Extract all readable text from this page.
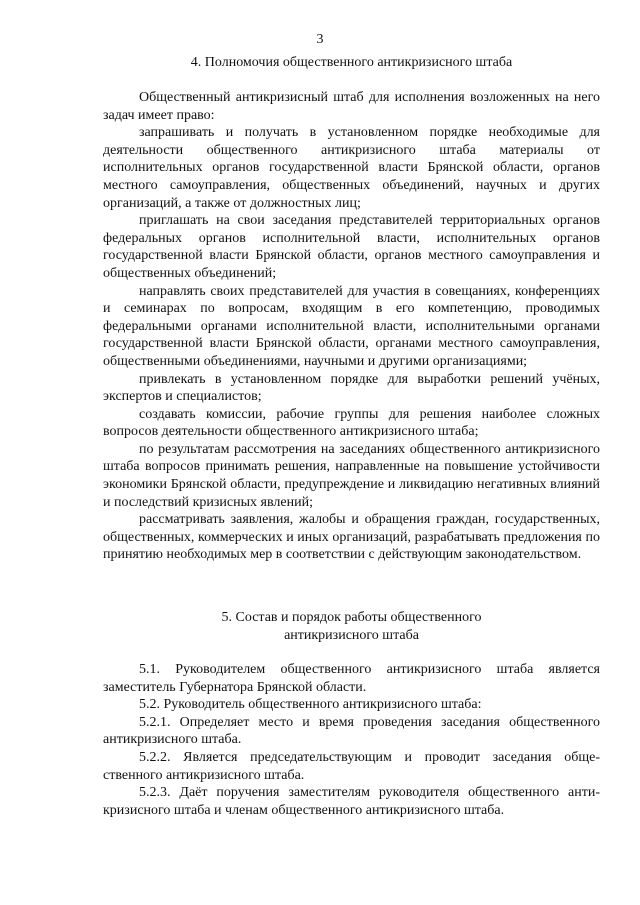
3

4. Полномочия общественного антикризисного штаба

Общественный антикризисный штаб для исполнения возложенных на него задач имеет право:

запрашивать и получать в установленном порядке необходимые для деятельности общественного антикризисного штаба материалы от исполнительных органов государственной власти Брянской области, органов местного самоуправления, общественных объединений, научных и других организаций, а также от должностных лиц;

приглашать на свои заседания представителей территориальных органов федеральных органов исполнительной власти, исполнительных органов государственной власти Брянской области, органов местного самоуправления и общественных объединений;

направлять своих представителей для участия в совещаниях, конференциях и семинарах по вопросам, входящим в его компетенцию, проводимых федеральными органами исполнительной власти, исполнительными органами государственной власти Брянской области, органами местного самоуправления, общественными объединениями, научными и другими организациями;

привлекать в установленном порядке для выработки решений учёных, экспертов и специалистов;

создавать комиссии, рабочие группы для решения наиболее сложных вопросов деятельности общественного антикризисного штаба;

по результатам рассмотрения на заседаниях общественного антикризисного штаба вопросов принимать решения, направленные на повышение устойчивости экономики Брянской области, предупреждение и ликвидацию негативных влияний и последствий кризисных явлений;

рассматривать заявления, жалобы и обращения граждан, государственных, общественных, коммерческих и иных организаций, разрабатывать предложения по принятию необходимых мер в соответствии с действующим законодательством.

5. Состав и порядок работы общественного

антикризисного штаба

5.1. Руководителем общественного антикризисного штаба является заместитель Губернатора Брянской области.

5.2. Руководитель общественного антикризисного штаба:

5.2.1. Определяет место и время проведения заседания общественного антикризисного штаба.

5.2.2. Является председательствующим и проводит заседания общественного антикризисного штаба.

5.2.3. Даёт поручения заместителям руководителя общественного антикризисного штаба и членам общественного антикризисного штаба.
